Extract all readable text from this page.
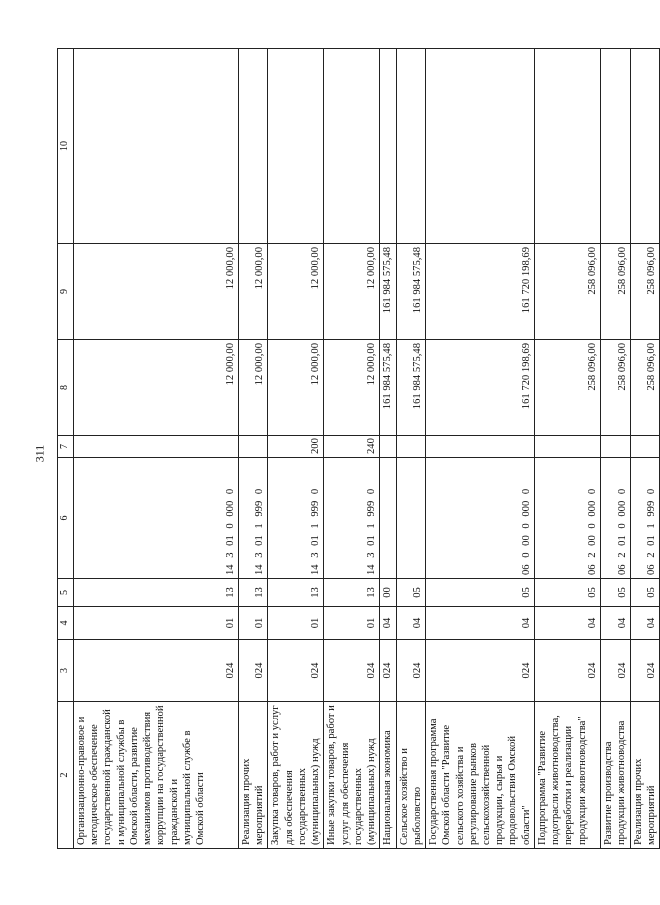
311
2	3	4	5	6	7	8	9	10
Организационно-правовое и методическое обеспечение государственной гражданской и муниципальной службы в Омской области, развитие механизмов противодействия коррупции на государственной гражданской и муниципальной службе в Омской области	024	01	13	14 3 01 0 000 0		12 000,00	12 000,00	
Реализация прочих мероприятий	024	01	13	14 3 01 1 999 0		12 000,00	12 000,00	
Закупка товаров, работ и услуг для обеспечения государственных (муниципальных) нужд	024	01	13	14 3 01 1 999 0	200	12 000,00	12 000,00	
Иные закупки товаров, работ и услуг для обеспечения государственных (муниципальных) нужд	024	01	13	14 3 01 1 999 0	240	12 000,00	12 000,00	
Национальная экономика	024	04	00			161 984 575,48	161 984 575,48	
Сельское хозяйство и рыболовство	024	04	05			161 984 575,48	161 984 575,48	
Государственная программа Омской области "Развитие сельского хозяйства и регулирование рынков сельскохозяйственной продукции, сырья и продовольствия Омской области"	024	04	05	06 0 00 0 000 0		161 720 198,69	161 720 198,69	
Подпрограмма "Развитие подотрасли животноводства, переработки и реализации продукции животноводства"	024	04	05	06 2 00 0 000 0		258 096,00	258 096,00	
Развитие производства продукции животноводства	024	04	05	06 2 01 0 000 0		258 096,00	258 096,00	
Реализация прочих мероприятий	024	04	05	06 2 01 1 999 0		258 096,00	258 096,00	
